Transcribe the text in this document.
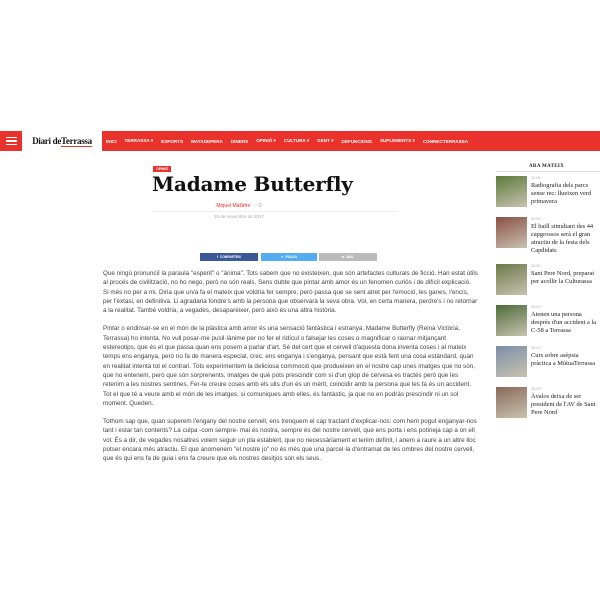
Diari de Terrassa	INICI TERRASSA ▾ ESPORTS MATADEPERA DINERS OPINIÓ ▾ CULTURA ▾ GENT ▾ DEFUNCIONS SUPLEMENTS ▾ CONNECTERRASSA
OPINIÓ
Madame Butterfly
Miquel Mallafre ▫ 0
15 de novembre de 2017
f COMPARTEIX	✦ PIULEU	✉ MAIL

Que ningú pronunciï la paraula "esperit" o "ànima". Tots sabem que no existeixen, que són artefactes culturals de ficció. Han estat útils al procés de civilització, no ho nego, però no són reals. Sens dubte que pintar amb amor és un fenomen curiós i de difícil explicació. Si més no per a mi. Diria que un/a fa el mateix que voldria fer sempre, però passa que se sent atret per l'emoció, les ganes, l'encís, per l'èxtasi, en definitiva. Li agradaria fondre's amb la persona que observarà la seva obra. Vol, en certa manera, perdre's i no retornar a la realitat. També voldria, a vegades, desaparèixer, però això és una altra història.

Pintar o endinsar-se en el món de la plàstica amb amor és una sensació fantàstica i estranya. Madame Butterfly (Reina Victòria, Terrassa) ho intenta. No vull posar-me pusil·lànime per no fer el ridícul o falsejar les coses o magnificar o raonar mitjançant estereotips, que és el que passa quan ens posem a parlar d'art. Sé del cert que el cervell d'aquesta dona inventa coses i al mateix temps ens enganya, però no fa de manera especial, crec, ens enganya i s'enganya, pensant que està fent una cosa estàndard, quan en realitat intenta tot el contrari. Tots experimentem la deliciosa commoció que produeixen en el nostre cap unes imatges que no són, que no entenem, però que són sorprenents, imatges de què pots prescindir com si d'un glop de cervesa es tractés però que les retenim a les nostres sentines. Fer-te creure coses amb els ulls d'un és un mèrit, coincidir amb la persona que les fa és un accident. Tot el que té a veure amb el món de les imatges, si comuniques amb elles, és fantàstic, ja que no en podràs prescindir ni un sol moment. Queden.

Tothom sap que, quan superem l'engany del nostre cervell, ens trenquem el cap tractant d'explicar-nos: com hem pogut enganyar-nos tant i estar tan contents? La culpa -com sempre- mai és nostra, sempre és del nostre cervell, que ens porta i ens potineja cap a on ell vol. És a dir, de vegades nosaltres volem seguir un pla establert, que no necessàriament el tenim definit, i anem a raure a un altre lloc potser encara més atractiu. El que anomenem "el nostre jo" no és més que una parcel·la d'entramat de les ombres del nostre cervell, que és qui ens fa de guia i ens fa creure que els nostres desitjos són els seus.

ARA MATEIX
20:06
Radiografia dels parcs sense rec: llueixen verd primavera
20:00
El baill simultani des 44 capgrossos serà el gran atractiu de la festa dels Capdidats
20:00
Sant Pere Nord, preparat per acollir la Culturassa
20:00
Atenen una persona després d'un accident a la C-58 a Terrassa
20:00
Curs sobre asèpsia pràctica a MútuaTerrassa
20:00
Àvalos deixa de ser president de l'AV de Sant Pere Nord
